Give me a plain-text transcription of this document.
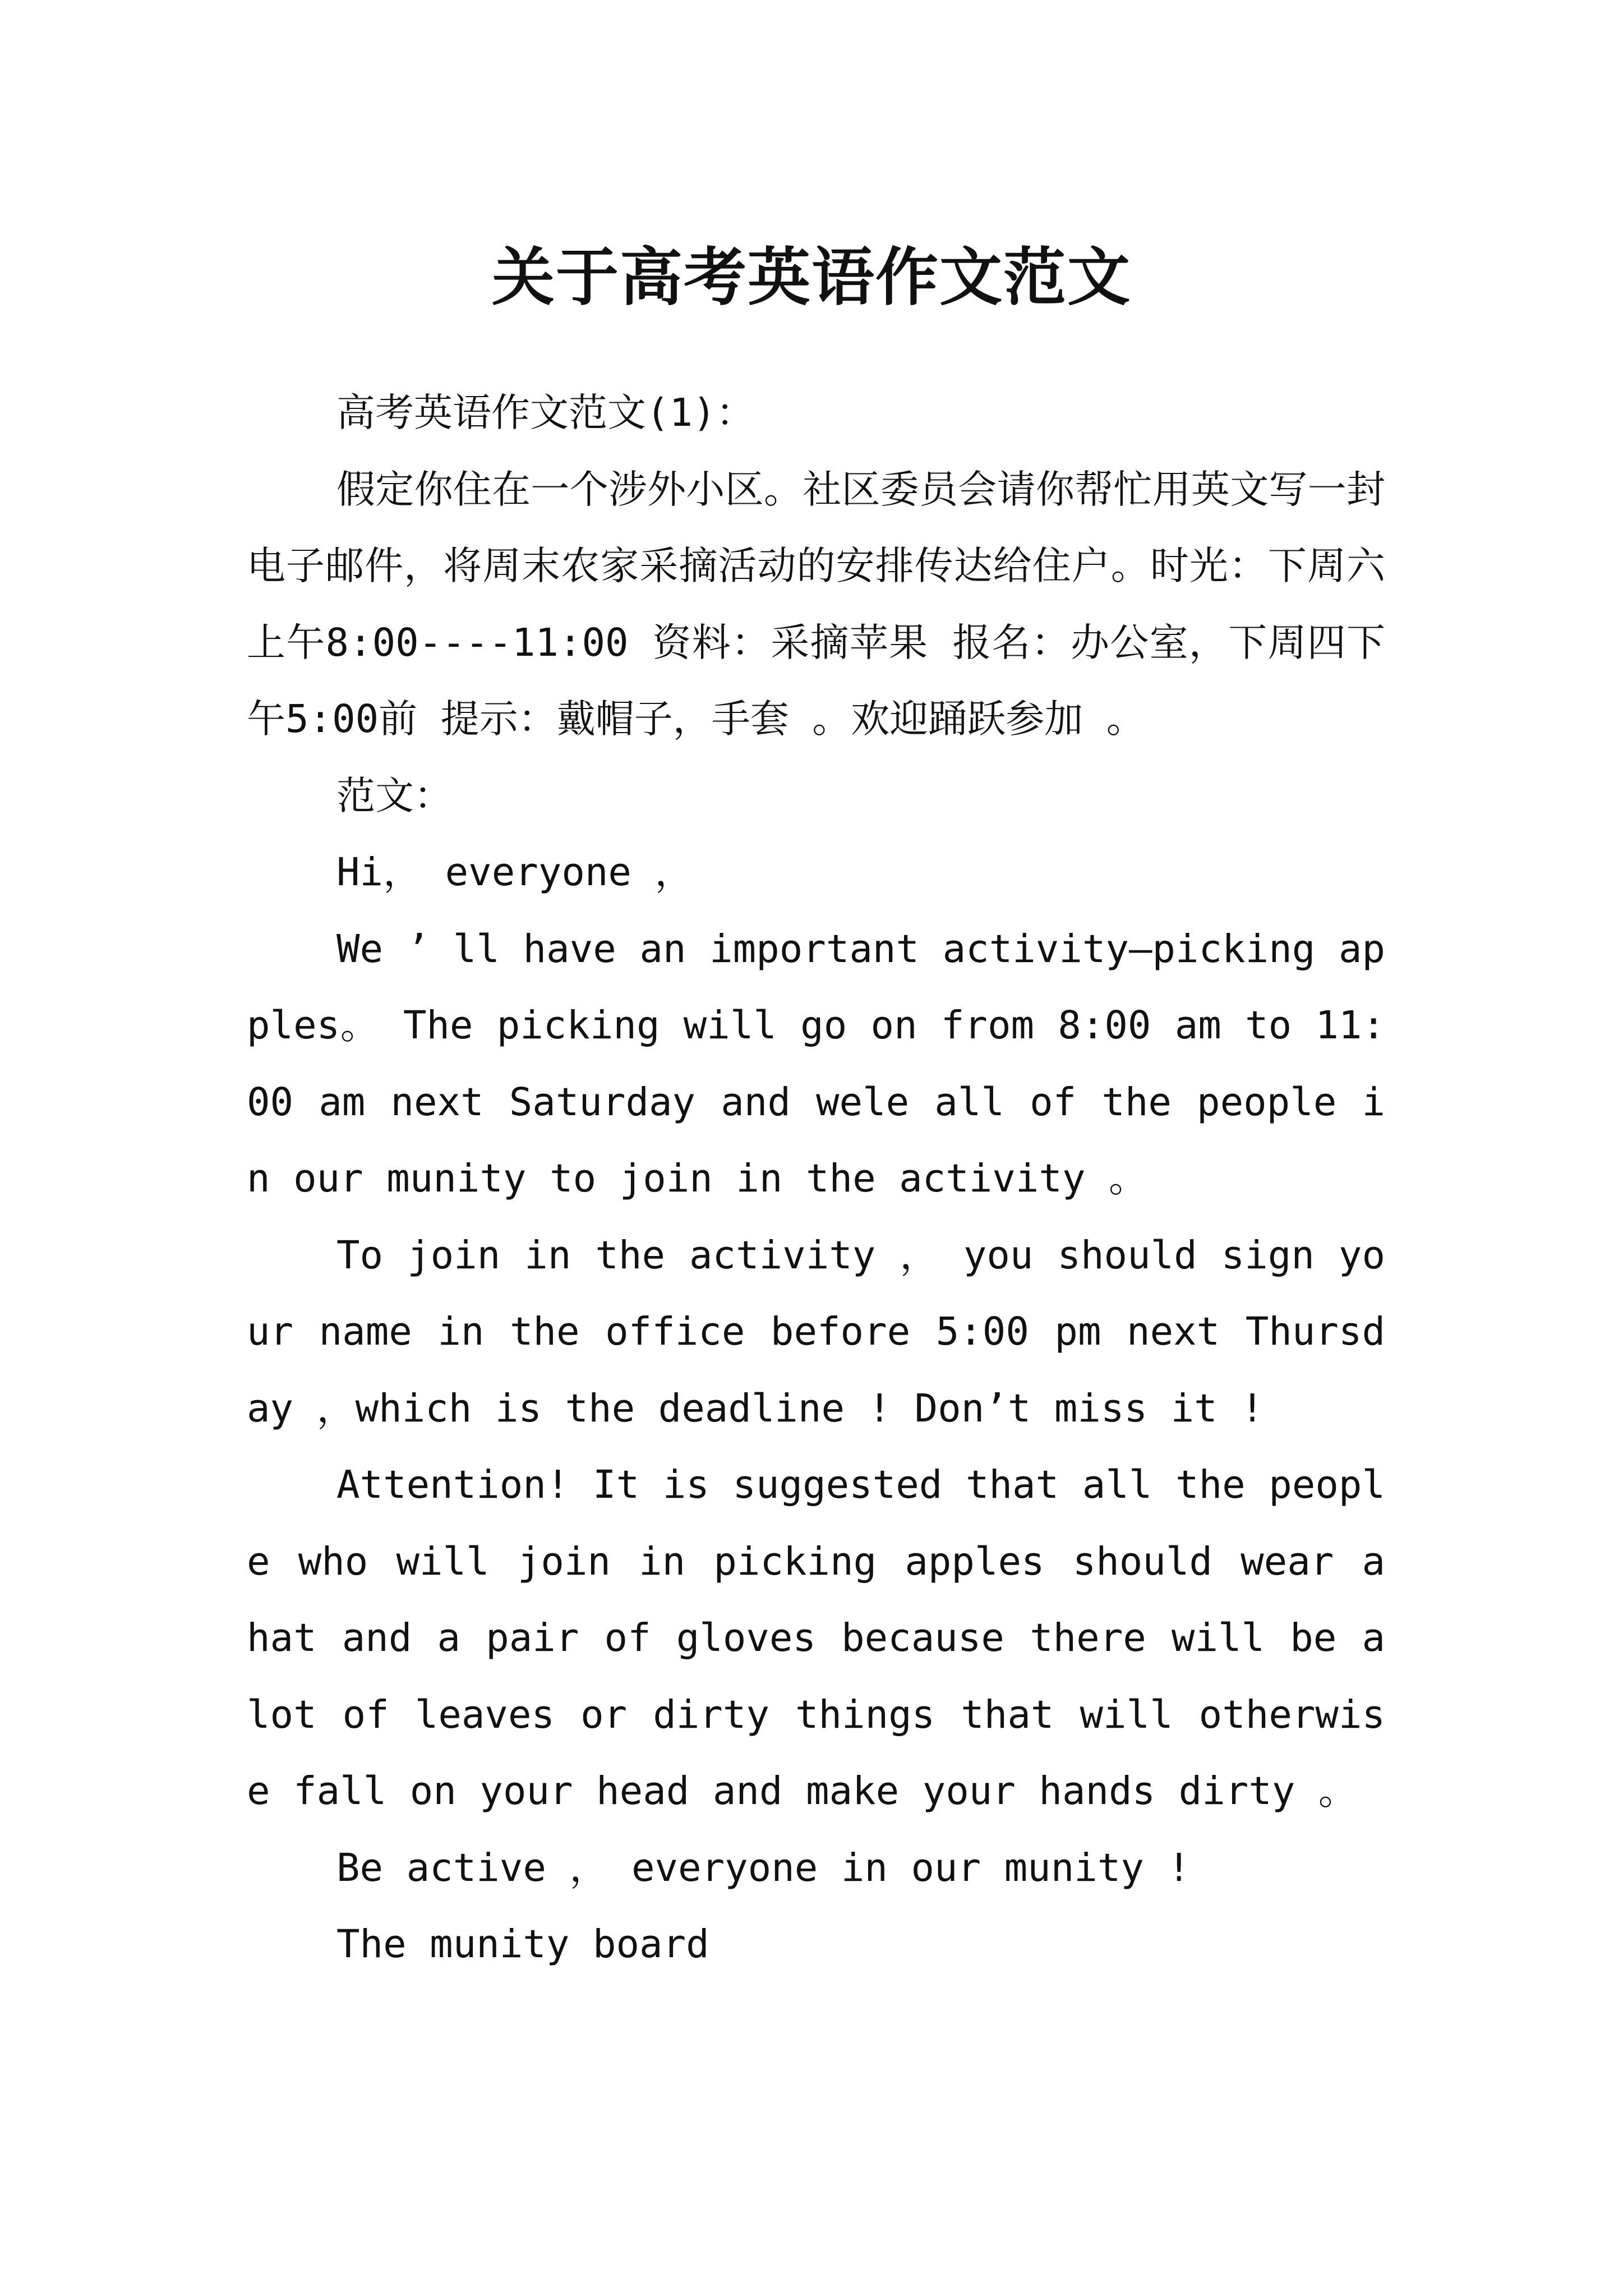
关于高考英语作文范文

高考英语作文范文(1)：

假定你住在一个涉外小区。社区委员会请你帮忙用英文写一封电子邮件，将周末农家采摘活动的安排传达给住户。时光：下周六上午8:00----11:00 资料：采摘苹果 报名：办公室，下周四下午5:00前 提示：戴帽子，手套 。欢迎踊跃参加 。

范文：

Hi， everyone ，

We ’ ll have an important activity—picking apples。 The picking will go on from 8:00 am to 11:00 am next Saturday and wele all of the people in our munity to join in the activity 。

To join in the activity ， you should sign your name in the office before 5:00 pm next Thursday ，which is the deadline ! Don’t miss it !

Attention! It is suggested that all the people who will join in picking apples should wear a hat and a pair of gloves because there will be a lot of leaves or dirty things that will otherwise fall on your head and make your hands dirty 。

Be active ， everyone in our munity !

The munity board
